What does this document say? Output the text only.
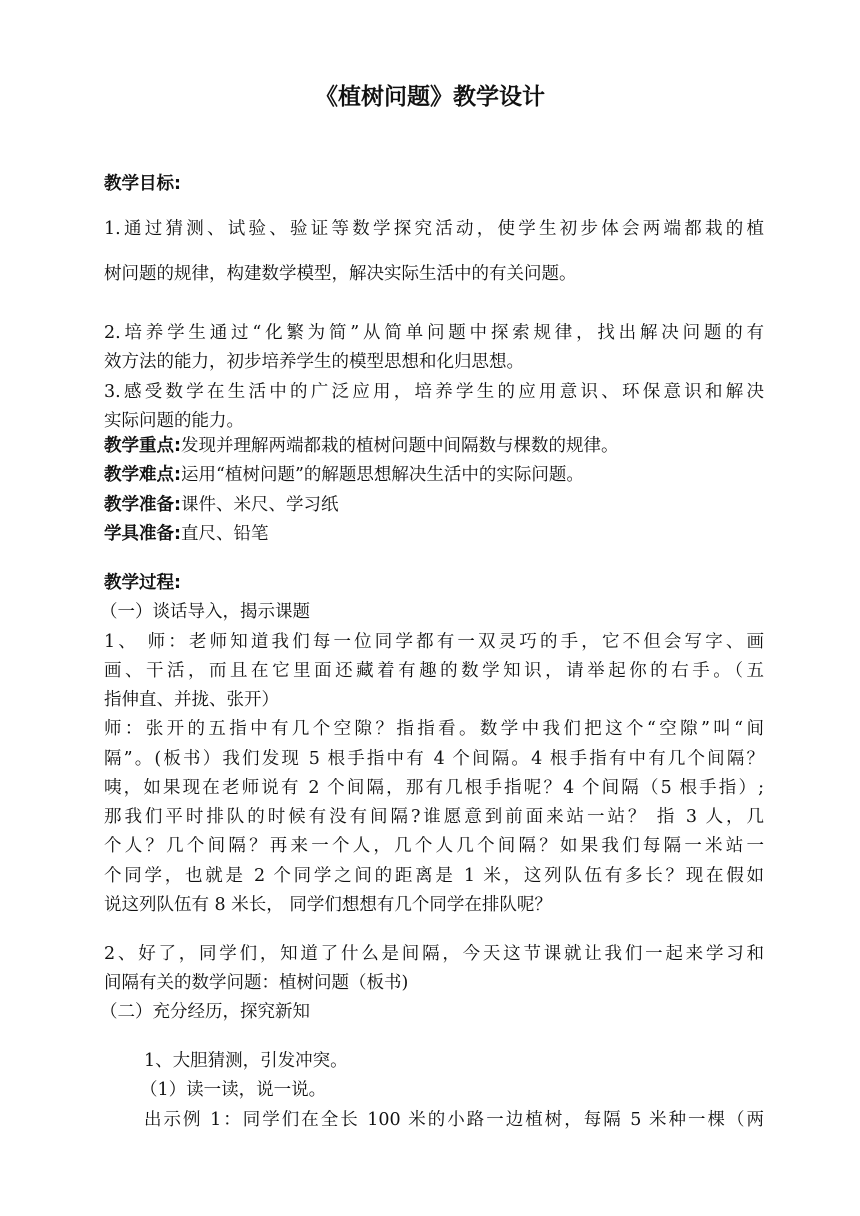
《植树问题》教学设计
教学目标:
1.通过猜测、试验、验证等数学探究活动，使学生初步体会两端都栽的植
树问题的规律，构建数学模型，解决实际生活中的有关问题。
2.培养学生通过“化繁为简”从简单问题中探索规律，找出解决问题的有
效方法的能力，初步培养学生的模型思想和化归思想。
3.感受数学在生活中的广泛应用，培养学生的应用意识、环保意识和解决
实际问题的能力。
教学重点:发现并理解两端都栽的植树问题中间隔数与棵数的规律。
教学难点:运用“植树问题”的解题思想解决生活中的实际问题。
教学准备:课件、米尺、学习纸
学具准备:直尺、铅笔
教学过程:
（一）谈话导入，揭示课题
1、 师：老师知道我们每一位同学都有一双灵巧的手，它不但会写字、画
画、干活，而且在它里面还藏着有趣的数学知识，请举起你的右手。（五
指伸直、并拢、张开）
师：张开的五指中有几个空隙？指指看。数学中我们把这个“空隙”叫“间
隔”。(板书）我们发现 5 根手指中有 4 个间隔。4 根手指有中有几个间隔？
咦，如果现在老师说有 2 个间隔，那有几根手指呢？4 个间隔（5 根手指）;
那我们平时排队的时候有没有间隔?谁愿意到前面来站一站？ 指 3 人，几
个人？几个间隔？再来一个人，几个人几个间隔？如果我们每隔一米站一
个同学，也就是 2 个同学之间的距离是 1 米，这列队伍有多长？现在假如
说这列队伍有 8 米长， 同学们想想有几个同学在排队呢？
2、好了，同学们，知道了什么是间隔，今天这节课就让我们一起来学习和
间隔有关的数学问题：植树问题（板书)
（二）充分经历，探究新知
1、大胆猜测，引发冲突。
（1）读一读，说一说。
出示例 1：同学们在全长 100 米的小路一边植树，每隔 5 米种一棵（两
